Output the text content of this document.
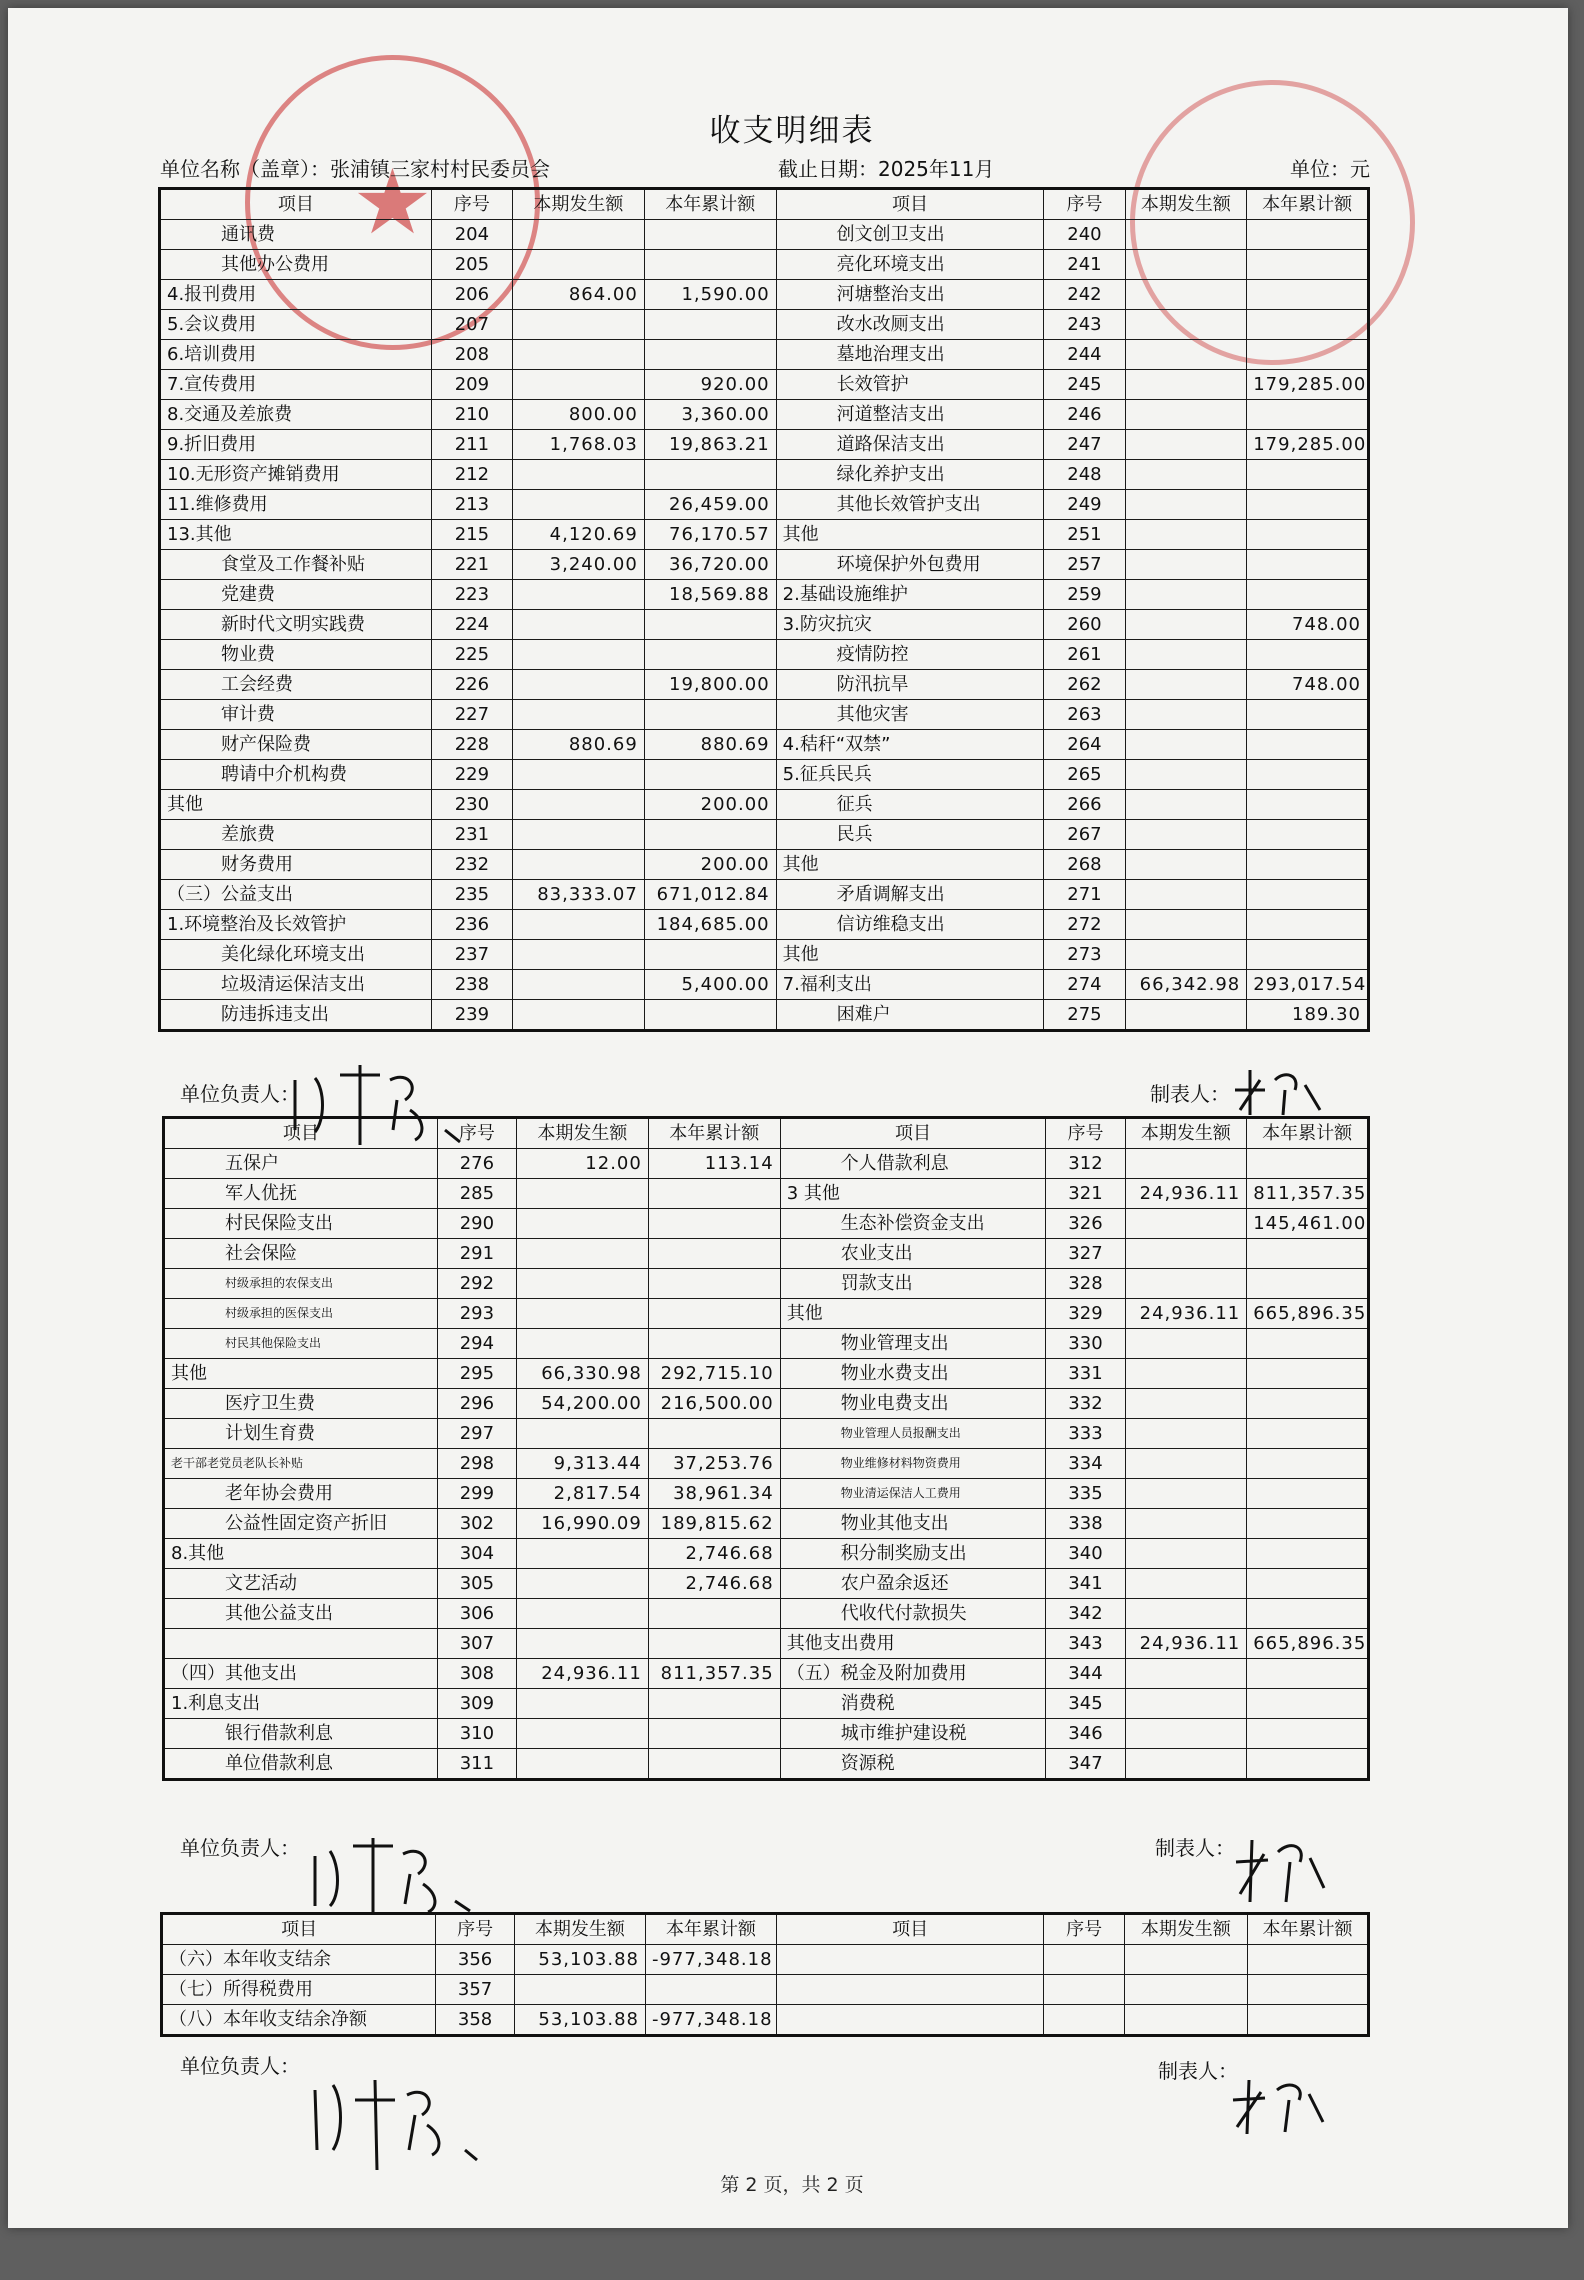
★
收支明细表
单位名称（盖章）：张浦镇三家村村民委员会	截止日期：2025年11月	单位：元
项目	序号	本期发生额	本年累计额	项目	序号	本期发生额	本年累计额
通讯费	204			创文创卫支出	240		
其他办公费用	205			亮化环境支出	241		
4.报刊费用	206	864.00	1,590.00	河塘整治支出	242		
5.会议费用	207			改水改厕支出	243		
6.培训费用	208			墓地治理支出	244		
7.宣传费用	209		920.00	长效管护	245		179,285.00
8.交通及差旅费	210	800.00	3,360.00	河道整洁支出	246		
9.折旧费用	211	1,768.03	19,863.21	道路保洁支出	247		179,285.00
10.无形资产摊销费用	212			绿化养护支出	248		
11.维修费用	213		26,459.00	其他长效管护支出	249		
13.其他	215	4,120.69	76,170.57	其他	251		
食堂及工作餐补贴	221	3,240.00	36,720.00	环境保护外包费用	257		
党建费	223		18,569.88	2.基础设施维护	259		
新时代文明实践费	224			3.防灾抗灾	260		748.00
物业费	225			疫情防控	261		
工会经费	226		19,800.00	防汛抗旱	262		748.00
审计费	227			其他灾害	263		
财产保险费	228	880.69	880.69	4.秸秆“双禁”	264		
聘请中介机构费	229			5.征兵民兵	265		
其他	230		200.00	征兵	266		
差旅费	231			民兵	267		
财务费用	232		200.00	其他	268		
（三）公益支出	235	83,333.07	671,012.84	矛盾调解支出	271		
1.环境整治及长效管护	236		184,685.00	信访维稳支出	272		
美化绿化环境支出	237			其他	273		
垃圾清运保洁支出	238		5,400.00	7.福利支出	274	66,342.98	293,017.54
防违拆违支出	239			困难户	275		189.30
单位负责人：	制表人：
项目	序号	本期发生额	本年累计额	项目	序号	本期发生额	本年累计额
五保户	276	12.00	113.14	个人借款利息	312		
军人优抚	285			3 其他	321	24,936.11	811,357.35
村民保险支出	290			生态补偿资金支出	326		145,461.00
社会保险	291			农业支出	327		
村级承担的农保支出	292			罚款支出	328		
村级承担的医保支出	293			其他	329	24,936.11	665,896.35
村民其他保险支出	294			物业管理支出	330		
其他	295	66,330.98	292,715.10	物业水费支出	331		
医疗卫生费	296	54,200.00	216,500.00	物业电费支出	332		
计划生育费	297			物业管理人员报酬支出	333		
老干部老党员老队长补贴	298	9,313.44	37,253.76	物业维修材料物资费用	334		
老年协会费用	299	2,817.54	38,961.34	物业清运保洁人工费用	335		
公益性固定资产折旧	302	16,990.09	189,815.62	物业其他支出	338		
8.其他	304		2,746.68	积分制奖励支出	340		
文艺活动	305		2,746.68	农户盈余返还	341		
其他公益支出	306			代收代付款损失	342		
	307			其他支出费用	343	24,936.11	665,896.35
（四）其他支出	308	24,936.11	811,357.35	（五）税金及附加费用	344		
1.利息支出	309			消费税	345		
银行借款利息	310			城市维护建设税	346		
单位借款利息	311			资源税	347		
单位负责人：	制表人：
项目	序号	本期发生额	本年累计额	项目	序号	本期发生额	本年累计额
（六）本年收支结余	356	53,103.88	-977,348.18				
（七）所得税费用	357						
（八）本年收支结余净额	358	53,103.88	-977,348.18				
单位负责人：	制表人：
第 2 页，共 2 页
